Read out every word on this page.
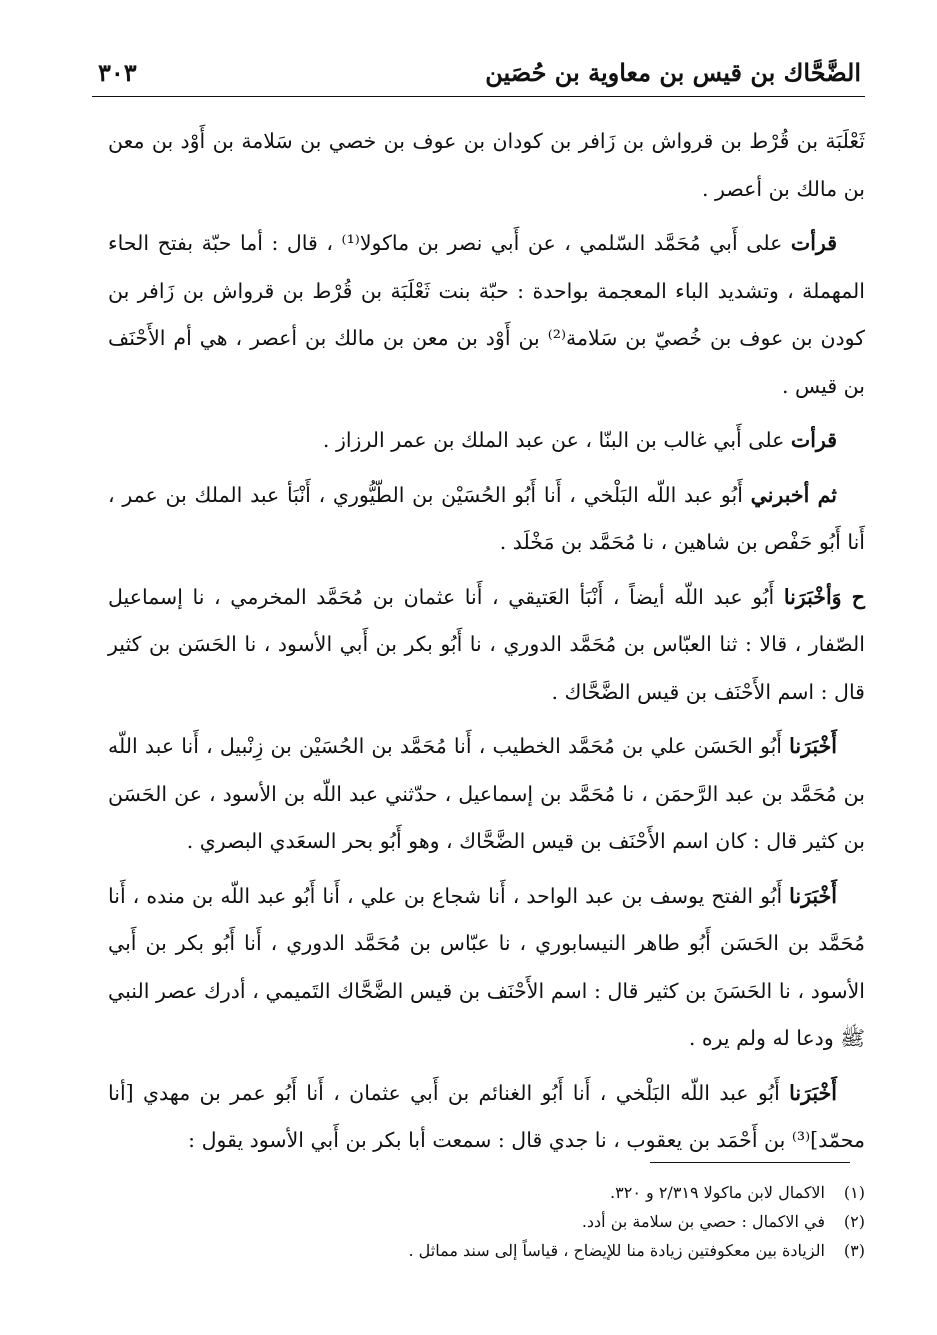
الضَّحَّاك بن قيس بن معاوية بن حُصَين
٣٠٣

ثَعْلَبَة بن قُرْط بن قرواش بن زَافر بن كودان بن عوف بن خصي بن سَلامة بن أَوْد بن معن بن مالك بن أعصر .

قرأت على أَبي مُحَمَّد السّلمي ، عن أَبي نصر بن ماكولا⁽¹⁾ ، قال : أما حبّة بفتح الحاء المهملة ، وتشديد الباء المعجمة بواحدة : حبّة بنت ثَعْلَبَة بن قُرْط بن قرواش بن زَافر بن كودن بن عوف بن خُصيّ بن سَلامة⁽²⁾ بن أَوْد بن معن بن مالك بن أعصر ، هي أم الأَحْنَف بن قيس .

قرأت على أَبي غالب بن البنّا ، عن عبد الملك بن عمر الرزاز .

ثم أخبرني أَبُو عبد اللّه البَلْخي ، أَنا أَبُو الحُسَيْن بن الطّيُّوري ، أَنْبَأ عبد الملك بن عمر ، أَنا أَبُو حَفْص بن شاهين ، نا مُحَمَّد بن مَخْلَد .

ح وَأخْبَرَنا أَبُو عبد اللّه أيضاً ، أَنْبَأ العَتيقي ، أَنا عثمان بن مُحَمَّد المخرمي ، نا إسماعيل الصّفار ، قالا : ثنا العبّاس بن مُحَمَّد الدوري ، نا أَبُو بكر بن أَبي الأسود ، نا الحَسَن بن كثير قال : اسم الأَحْنَف بن قيس الضَّحَّاك .

أَخْبَرَنا أَبُو الحَسَن علي بن مُحَمَّد الخطيب ، أَنا مُحَمَّد بن الحُسَيْن بن زِنْبيل ، أَنا عبد اللّه بن مُحَمَّد بن عبد الرَّحمَن ، نا مُحَمَّد بن إسماعيل ، حدّثني عبد اللّه بن الأسود ، عن الحَسَن بن كثير قال : كان اسم الأَحْنَف بن قيس الضَّحَّاك ، وهو أَبُو بحر السعَدي البصري .

أَخْبَرَنا أَبُو الفتح يوسف بن عبد الواحد ، أَنا شجاع بن علي ، أَنا أَبُو عبد اللّه بن منده ، أَنا مُحَمَّد بن الحَسَن أَبُو طاهر النيسابوري ، نا عبّاس بن مُحَمَّد الدوري ، أَنا أَبُو بكر بن أَبي الأسود ، نا الحَسَنَ بن كثير قال : اسم الأَحْنَف بن قيس الضَّحَّاك التَميمي ، أدرك عصر النبي ﷺ ودعا له ولم يره .

أَخْبَرَنا أَبُو عبد اللّه البَلْخي ، أَنا أَبُو الغنائم بن أَبي عثمان ، أَنا أَبُو عمر بن مهدي [أنا محمّد]⁽³⁾ بن أَحْمَد بن يعقوب ، نا جدي قال : سمعت أبا بكر بن أَبي الأسود يقول :

(١)
الاكمال لابن ماكولا ٢/٣١٩ و ٣٢٠.
(٢)
في الاكمال : حصي بن سلامة بن أدد.
(٣)
الزيادة بين معكوفتين زيادة منا للإيضاح ، قياساً إلى سند مماثل .
